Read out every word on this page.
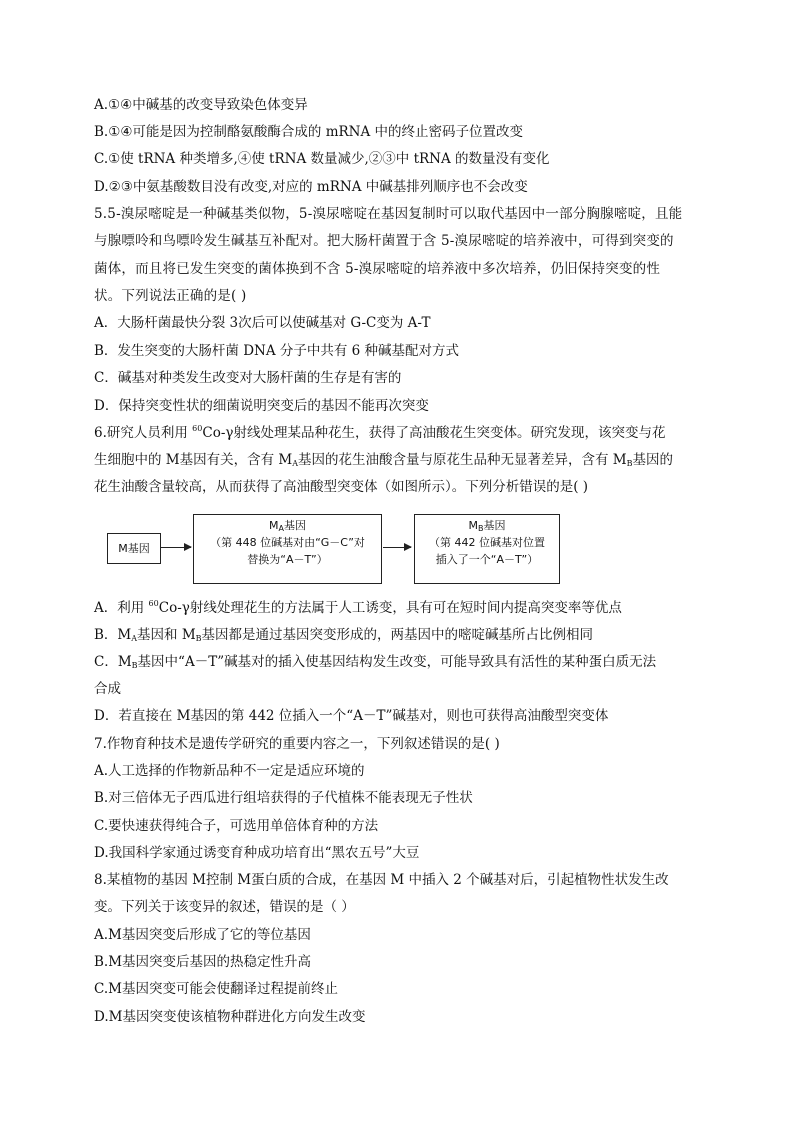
A.①④中碱基的改变导致染色体变异
B.①④可能是因为控制酪氨酸酶合成的 mRNA 中的终止密码子位置改变
C.①使 tRNA 种类增多,④使 tRNA 数量减少,②③中 tRNA 的数量没有变化
D.②③中氨基酸数目没有改变,对应的 mRNA 中碱基排列顺序也不会改变
5.5-溴尿嘧啶是一种碱基类似物，5-溴尿嘧啶在基因复制时可以取代基因中一部分胸腺嘧啶，且能
与腺嘌呤和鸟嘌呤发生碱基互补配对。把大肠杆菌置于含 5-溴尿嘧啶的培养液中，可得到突变的
菌体，而且将已发生突变的菌体换到不含 5-溴尿嘧啶的培养液中多次培养，仍旧保持突变的性
状。下列说法正确的是( )
A．大肠杆菌最快分裂 3次后可以使碱基对 G-C变为 A-T
B．发生突变的大肠杆菌 DNA 分子中共有 6 种碱基配对方式
C．碱基对种类发生改变对大肠杆菌的生存是有害的
D．保持突变性状的细菌说明突变后的基因不能再次突变
6.研究人员利用 $^{60}$Co-γ射线处理某品种花生，获得了高油酸花生突变体。研究发现，该突变与花
生细胞中的 M基因有关，含有 $M_A$基因的花生油酸含量与原花生品种无显著差异，含有 $M_B$基因的
花生油酸含量较高，从而获得了高油酸型突变体（如图所示）。下列分析错误的是( )
M基因
$M_A$基因
（第 448 位碱基对由“G－C”对
替换为“A－T”）
$M_B$基因
（第 442 位碱基对位置
插入了一个“A－T”）
A．利用 $^{60}$Co-γ射线处理花生的方法属于人工诱变，具有可在短时间内提高突变率等优点
B．$M_A$基因和 $M_B$基因都是通过基因突变形成的，两基因中的嘧啶碱基所占比例相同
C．$M_B$基因中“A－T”碱基对的插入使基因结构发生改变，可能导致具有活性的某种蛋白质无法
合成
D．若直接在 M基因的第 442 位插入一个“A－T”碱基对，则也可获得高油酸型突变体
7.作物育种技术是遗传学研究的重要内容之一，下列叙述错误的是( )
A.人工选择的作物新品种不一定是适应环境的
B.对三倍体无子西瓜进行组培获得的子代植株不能表现无子性状
C.要快速获得纯合子，可选用单倍体育种的方法
D.我国科学家通过诱变育种成功培育出“黑农五号”大豆
8.某植物的基因 M控制 M蛋白质的合成，在基因 M 中插入 2 个碱基对后，引起植物性状发生改
变。下列关于该变异的叙述，错误的是（ ）
A.M基因突变后形成了它的等位基因
B.M基因突变后基因的热稳定性升高
C.M基因突变可能会使翻译过程提前终止
D.M基因突变使该植物种群进化方向发生改变
